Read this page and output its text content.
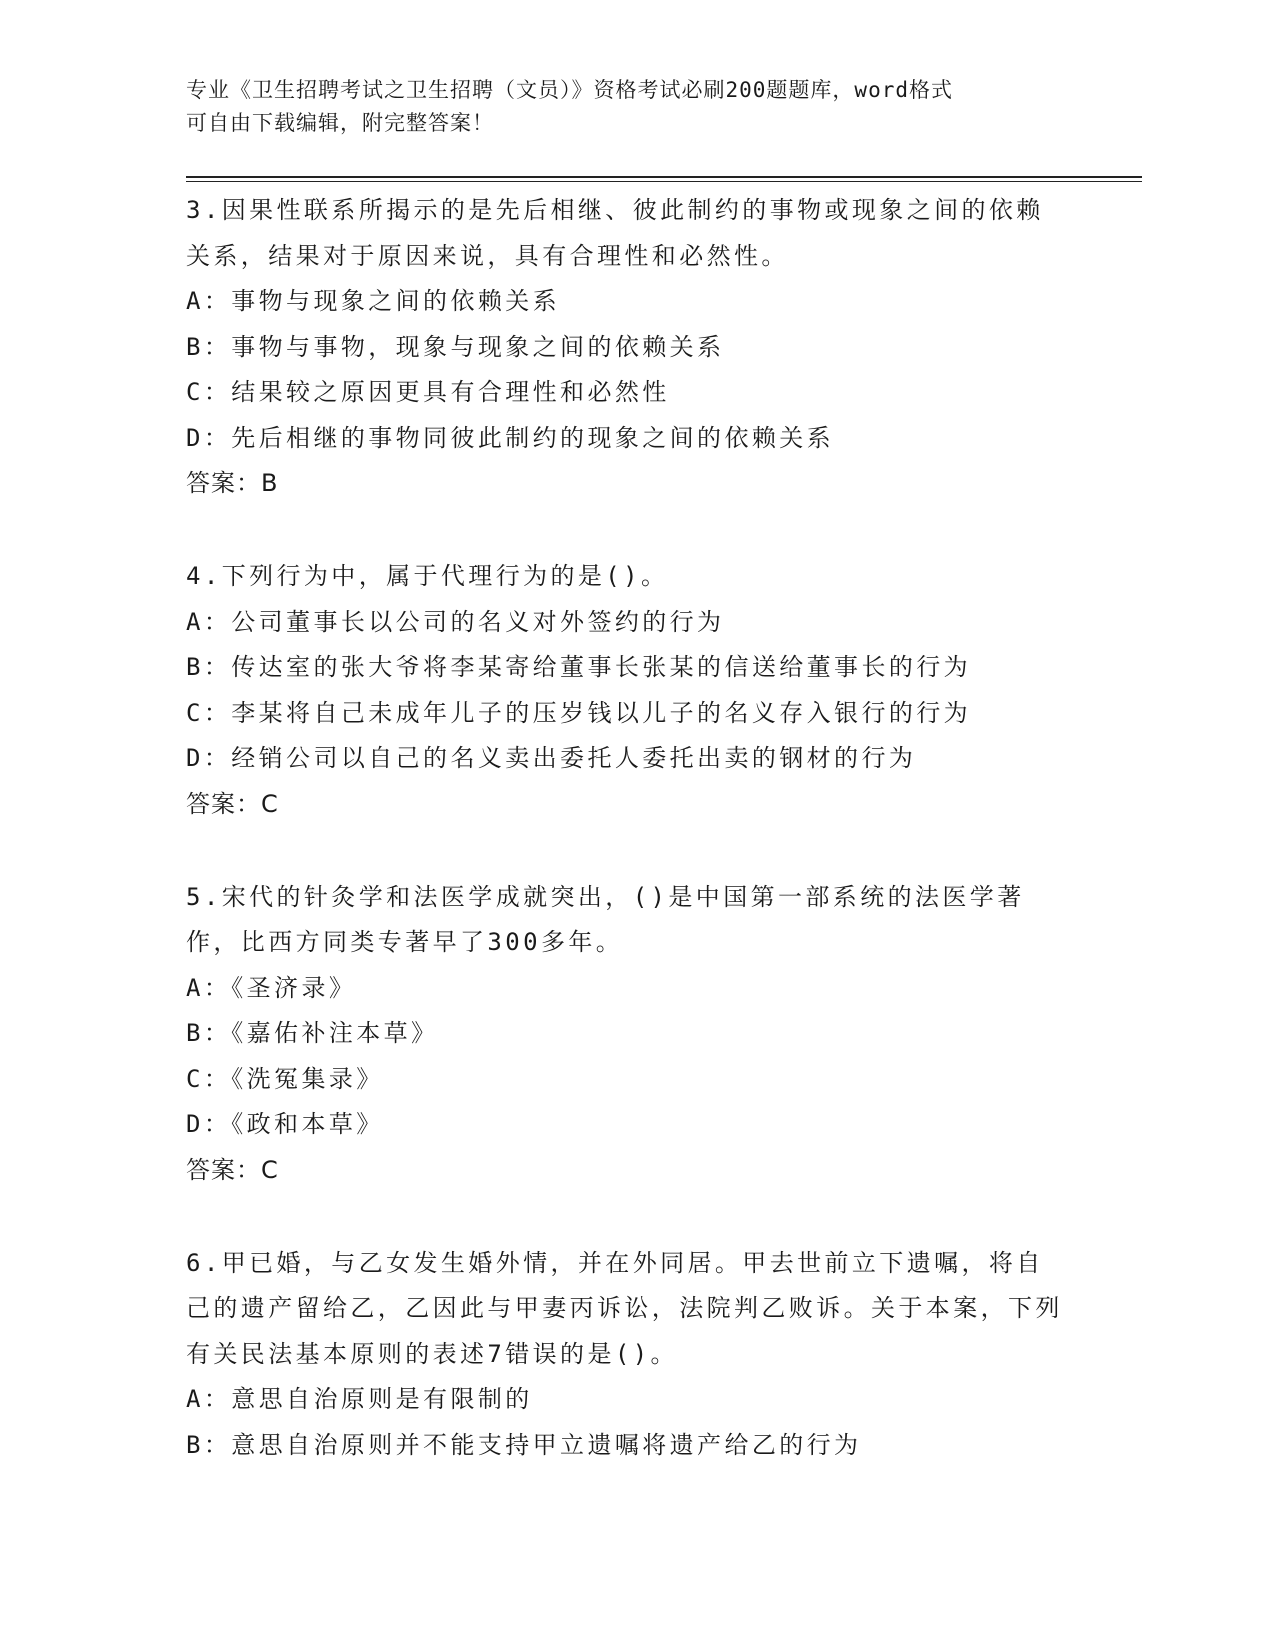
专业《卫生招聘考试之卫生招聘（文员）》资格考试必刷200题题库，word格式
可自由下载编辑，附完整答案！
3.因果性联系所揭示的是先后相继、彼此制约的事物或现象之间的依赖关系，结果对于原因来说，具有合理性和必然性。
A：事物与现象之间的依赖关系
B：事物与事物，现象与现象之间的依赖关系
C：结果较之原因更具有合理性和必然性
D：先后相继的事物同彼此制约的现象之间的依赖关系
答案：B
4.下列行为中，属于代理行为的是()。
A：公司董事长以公司的名义对外签约的行为
B：传达室的张大爷将李某寄给董事长张某的信送给董事长的行为
C：李某将自己未成年儿子的压岁钱以儿子的名义存入银行的行为
D：经销公司以自己的名义卖出委托人委托出卖的钢材的行为
答案：C
5.宋代的针灸学和法医学成就突出，()是中国第一部系统的法医学著作，比西方同类专著早了300多年。
A：《圣济录》
B：《嘉佑补注本草》
C：《洗冤集录》
D：《政和本草》
答案：C
6.甲已婚，与乙女发生婚外情，并在外同居。甲去世前立下遗嘱，将自己的遗产留给乙，乙因此与甲妻丙诉讼，法院判乙败诉。关于本案，下列有关民法基本原则的表述7错误的是()。
A：意思自治原则是有限制的
B：意思自治原则并不能支持甲立遗嘱将遗产给乙的行为
